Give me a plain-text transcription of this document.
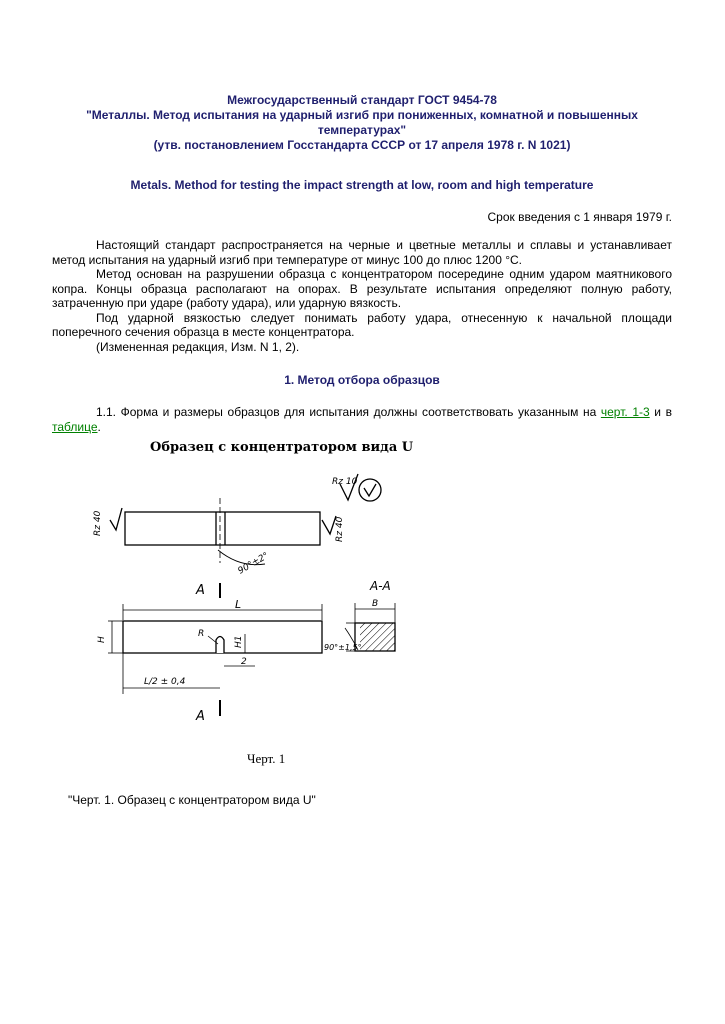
Межгосударственный стандарт ГОСТ 9454-78
"Металлы. Метод испытания на ударный изгиб при пониженных, комнатной и повышенных
температурах"
(утв. постановлением Госстандарта СССР от 17 апреля 1978 г. N 1021)
Metals. Method for testing the impact strength at low, room and high temperature
Срок введения с 1 января 1979 г.

Настоящий стандарт распространяется на черные и цветные металлы и сплавы и устанавливает метод испытания на ударный изгиб при температуре от минус 100 до плюс 1200 °С.

Метод основан на разрушении образца с концентратором посередине одним ударом маятникового копра. Концы образца располагают на опорах. В результате испытания определяют полную работу, затраченную при ударе (работу удара), или ударную вязкость.

Под ударной вязкостью следует понимать работу удара, отнесенную к начальной площади поперечного сечения образца в месте концентратора.

(Измененная редакция, Изм. N 1, 2).

1. Метод отбора образцов
1.1. Форма и размеры образцов для испытания должны соответствовать указанным на черт. 1-3 и в таблице.
Образец с концентратором вида U
Rz 10
Rz 40	Rz 40
90°±2°
A	A-A
B
L
H	H1
R
2
L/2 ± 0,4
90°±1,5°
A
Черт. 1
"Черт. 1. Образец с концентратором вида U"
